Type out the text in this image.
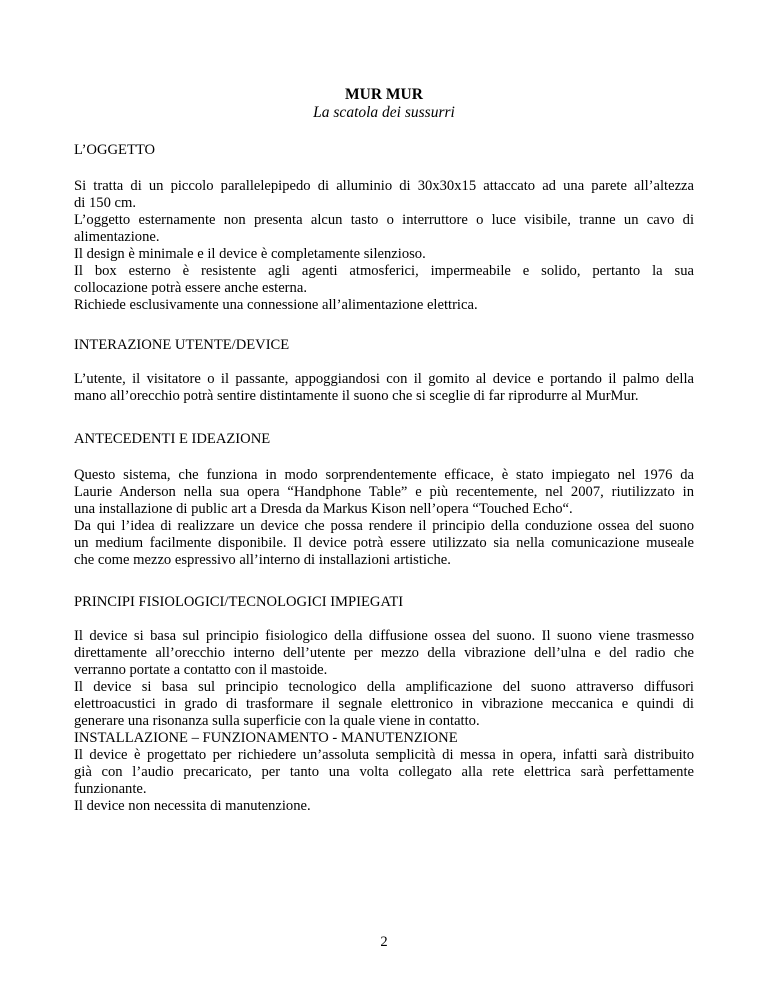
MUR MUR
La scatola dei sussurri
L’OGGETTO
Si tratta di un piccolo parallelepipedo di alluminio di 30x30x15 attaccato ad una parete all’altezza
di 150 cm.
L’oggetto esternamente non presenta alcun tasto o interruttore o luce visibile, tranne un cavo di
alimentazione.
Il design è minimale e il device è completamente silenzioso.
Il box esterno è resistente agli agenti atmosferici, impermeabile e solido, pertanto la sua
collocazione potrà essere anche esterna.
Richiede esclusivamente una connessione all’alimentazione elettrica.
INTERAZIONE UTENTE/DEVICE
L’utente, il visitatore o il passante, appoggiandosi con il gomito al device e portando il palmo della
mano all’orecchio potrà sentire distintamente il suono che si sceglie di far riprodurre al MurMur.
ANTECEDENTI E IDEAZIONE
Questo sistema, che funziona in modo sorprendentemente efficace, è stato impiegato nel 1976 da
Laurie Anderson nella sua opera “Handphone Table” e più recentemente, nel 2007, riutilizzato in
una installazione di public art a Dresda da Markus Kison nell’opera “Touched Echo“.
Da qui l’idea di realizzare un device che possa rendere il principio della conduzione ossea del suono
un medium facilmente disponibile. Il device potrà essere utilizzato sia nella comunicazione museale
che come mezzo espressivo all’interno di installazioni artistiche.
PRINCIPI FISIOLOGICI/TECNOLOGICI IMPIEGATI
Il device si basa sul principio fisiologico della diffusione ossea del suono. Il suono viene trasmesso
direttamente all’orecchio interno dell’utente per mezzo della vibrazione dell’ulna e del radio che
verranno portate a contatto con il mastoide.
Il device si basa sul principio tecnologico della amplificazione del suono attraverso diffusori
elettroacustici in grado di trasformare il segnale elettronico in vibrazione meccanica e quindi di
generare una risonanza sulla superficie con la quale viene in contatto.
INSTALLAZIONE – FUNZIONAMENTO - MANUTENZIONE
Il device è progettato per richiedere un’assoluta semplicità di messa in opera, infatti sarà distribuito
già con l’audio precaricato, per tanto una volta collegato alla rete elettrica sarà perfettamente
funzionante.
Il device non necessita di manutenzione.
2
